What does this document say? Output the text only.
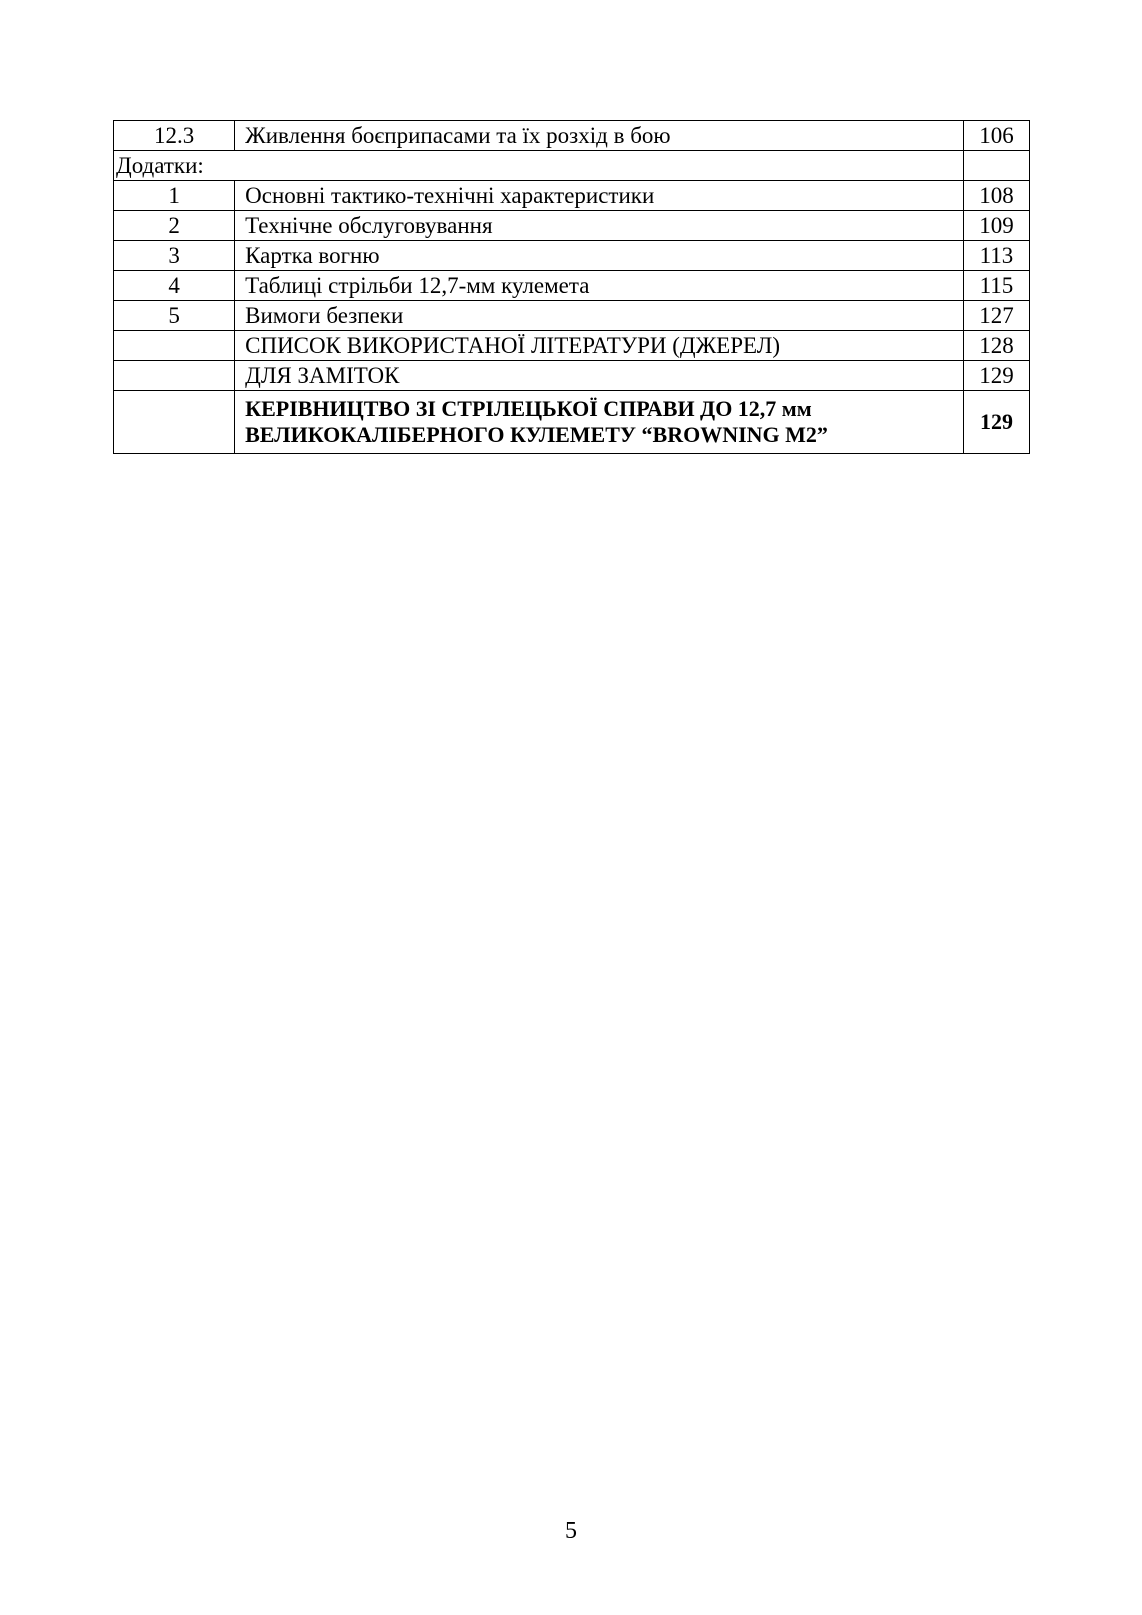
12.3	Живлення боєприпасами та їх розхід в бою	106
Додатки:		
1	Основні тактико-технічні характеристики	108
2	Технічне обслуговування	109
3	Картка вогню	113
4	Таблиці стрільби 12,7-мм кулемета	115
5	Вимоги безпеки	127
	СПИСОК ВИКОРИСТАНОЇ ЛІТЕРАТУРИ (ДЖЕРЕЛ)	128
	ДЛЯ ЗАМІТОК	129
	КЕРІВНИЦТВО ЗІ СТРІЛЕЦЬКОЇ СПРАВИ ДО 12,7 мм ВЕЛИКОКАЛІБЕРНОГО КУЛЕМЕТУ “BROWNING M2”	129
5
